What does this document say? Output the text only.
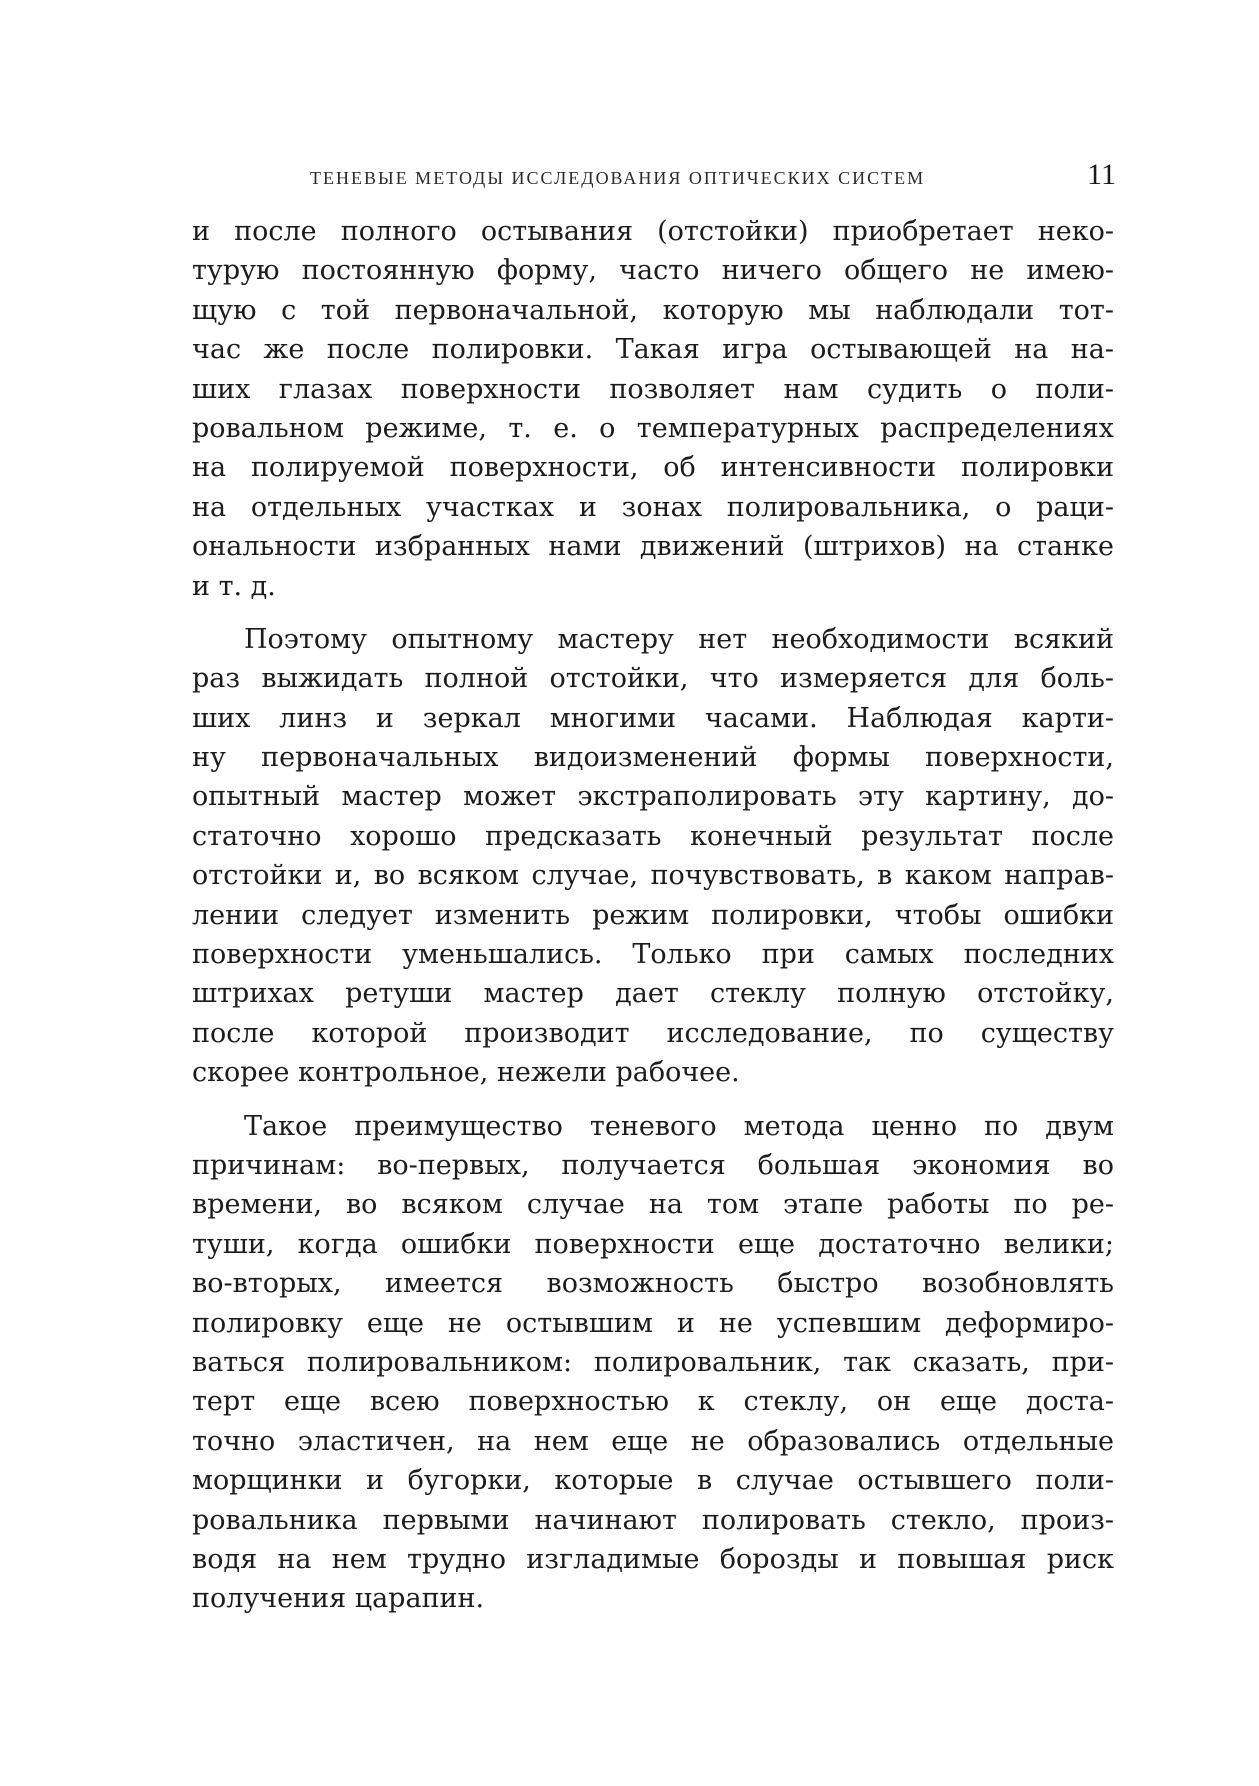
ТЕНЕВЫЕ МЕТОДЫ ИССЛЕДОВАНИЯ ОПТИЧЕСКИХ СИСТЕМ	11
и после полного остывания (отстойки) приобретает неко-
турую постоянную форму, часто ничего общего не имею-
щую с той первоначальной, которую мы наблюдали тот-
час же после полировки. Такая игра остывающей на на-
ших глазах поверхности позволяет нам судить о поли-
ровальном режиме, т. е. о температурных распределениях
на полируемой поверхности, об интенсивности полировки
на отдельных участках и зонах полировальника, о раци-
ональности избранных нами движений (штрихов) на станке
и т. д.
Поэтому опытному мастеру нет необходимости всякий
раз выжидать полной отстойки, что измеряется для боль-
ших линз и зеркал многими часами. Наблюдая карти-
ну первоначальных видоизменений формы поверхности,
опытный мастер может экстраполировать эту картину, до-
статочно хорошо предсказать конечный результат после
отстойки и, во всяком случае, почувствовать, в каком направ-
лении следует изменить режим полировки, чтобы ошибки
поверхности уменьшались. Только при самых последних
штрихах ретуши мастер дает стеклу полную отстойку,
после которой производит исследование, по существу
скорее контрольное, нежели рабочее.
Такое преимущество теневого метода ценно по двум
причинам: во-первых, получается большая экономия во
времени, во всяком случае на том этапе работы по ре-
туши, когда ошибки поверхности еще достаточно велики;
во-вторых, имеется возможность быстро возобновлять
полировку еще не остывшим и не успевшим деформиро-
ваться полировальником: полировальник, так сказать, при-
терт еще всею поверхностью к стеклу, он еще доста-
точно эластичен, на нем еще не образовались отдельные
морщинки и бугорки, которые в случае остывшего поли-
ровальника первыми начинают полировать стекло, произ-
водя на нем трудно изгладимые борозды и повышая риск
получения царапин.
